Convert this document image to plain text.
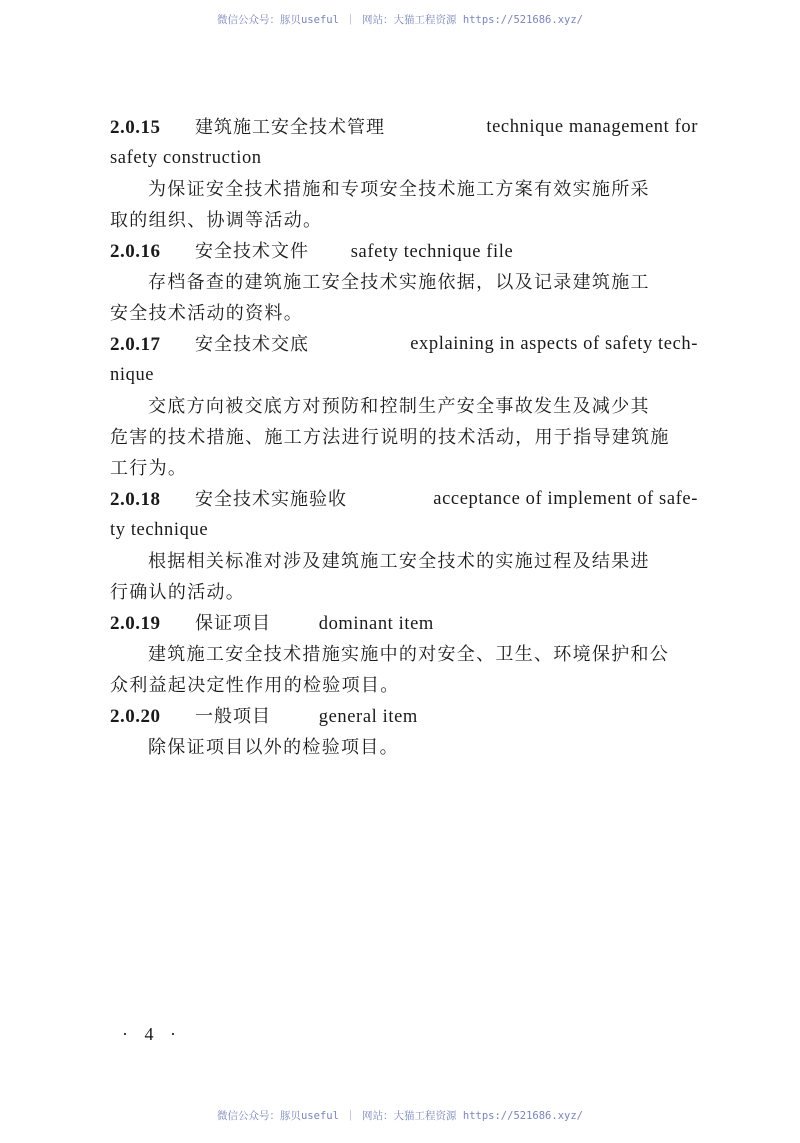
微信公众号：豚贝useful ｜ 网站：大猫工程资源 https://521686.xyz/
2.0.15 建筑施工安全技术管理	technique management for
safety construction
为保证安全技术措施和专项安全技术施工方案有效实施所采
取的组织、协调等活动。
2.0.16 安全技术文件 safety technique file
存档备查的建筑施工安全技术实施依据，以及记录建筑施工
安全技术活动的资料。
2.0.17 安全技术交底	explaining in aspects of safety tech-
nique
交底方向被交底方对预防和控制生产安全事故发生及减少其
危害的技术措施、施工方法进行说明的技术活动，用于指导建筑施
工行为。
2.0.18 安全技术实施验收	acceptance of implement of safe-
ty technique
根据相关标准对涉及建筑施工安全技术的实施过程及结果进
行确认的活动。
2.0.19 保证项目	dominant item
建筑施工安全技术措施实施中的对安全、卫生、环境保护和公
众利益起决定性作用的检验项目。
2.0.20 一般项目	general item
除保证项目以外的检验项目。
· 4 ·
微信公众号：豚贝useful ｜ 网站：大猫工程资源 https://521686.xyz/
